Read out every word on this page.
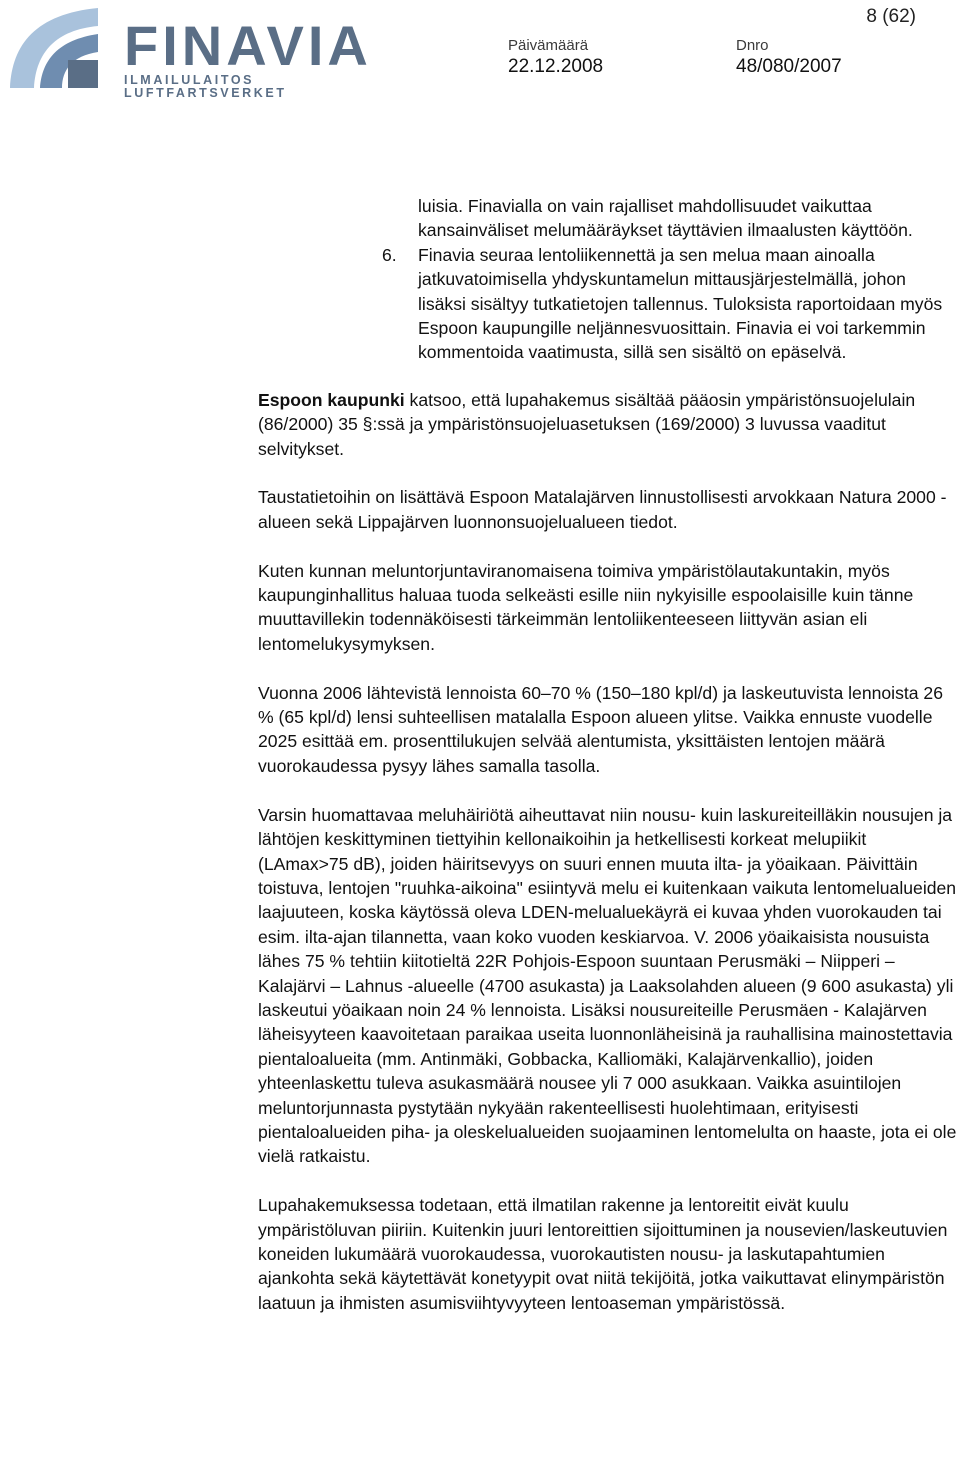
FINAVIA
ILMAILULAITOS LUFTFARTSVERKET
8 (62)
Päivämäärä
22.12.2008
Dnro
48/080/2007
luisia. Finavialla on vain rajalliset mahdollisuudet vaikuttaa kansainväliset melumääräykset täyttävien ilmaalusten käyttöön.
6. Finavia seuraa lentoliikennettä ja sen melua maan ainoalla jatkuvatoimisella yhdyskuntamelun mittausjärjestelmällä, johon lisäksi sisältyy tutkatietojen tallennus. Tuloksista raportoidaan myös Espoon kaupungille neljännesvuosittain. Finavia ei voi tarkemmin kommentoida vaatimusta, sillä sen sisältö on epäselvä.

Espoon kaupunki katsoo, että lupahakemus sisältää pääosin ympäristönsuojelulain (86/2000) 35 §:ssä ja ympäristönsuojeluasetuksen (169/2000) 3 luvussa vaaditut selvitykset.

Taustatietoihin on lisättävä Espoon Matalajärven linnustollisesti arvokkaan Natura 2000 -alueen sekä Lippajärven luonnonsuojelualueen tiedot.

Kuten kunnan meluntorjuntaviranomaisena toimiva ympäristölautakuntakin, myös kaupunginhallitus haluaa tuoda selkeästi esille niin nykyisille espoolaisille kuin tänne muuttavillekin todennäköisesti tärkeimmän lentoliikenteeseen liittyvän asian eli lentomelukysymyksen.

Vuonna 2006 lähtevistä lennoista 60–70 % (150–180 kpl/d) ja laskeutuvista lennoista 26 % (65 kpl/d) lensi suhteellisen matalalla Espoon alueen ylitse. Vaikka ennuste vuodelle 2025 esittää em. prosenttilukujen selvää alentumista, yksittäisten lentojen määrä vuorokaudessa pysyy lähes samalla tasolla.

Varsin huomattavaa meluhäiriötä aiheuttavat niin nousu- kuin laskureiteilläkin nousujen ja lähtöjen keskittyminen tiettyihin kellonaikoihin ja hetkellisesti korkeat melupiikit (LAmax>75 dB), joiden häiritsevyys on suuri ennen muuta ilta- ja yöaikaan. Päivittäin toistuva, lentojen "ruuhka-aikoina" esiintyvä melu ei kuitenkaan vaikuta lentomelualueiden laajuuteen, koska käytössä oleva LDEN-melualuekäyrä ei kuvaa yhden vuorokauden tai esim. ilta-ajan tilannetta, vaan koko vuoden keskiarvoa. V. 2006 yöaikaisista nousuista lähes 75 % tehtiin kiitotieltä 22R Pohjois-Espoon suuntaan Perusmäki – Niipperi – Kalajärvi – Lahnus -alueelle (4700 asukasta) ja Laaksolahden alueen (9 600 asukasta) yli laskeutui yöaikaan noin 24 % lennoista. Lisäksi nousureiteille Perusmäen - Kalajärven läheisyyteen kaavoitetaan paraikaa useita luonnonläheisinä ja rauhallisina mainostettavia pientaloalueita (mm. Antinmäki, Gobbacka, Kalliomäki, Kalajärvenkallio), joiden yhteenlaskettu tuleva asukasmäärä nousee yli 7 000 asukkaan. Vaikka asuintilojen meluntorjunnasta pystytään nykyään rakenteellisesti huolehtimaan, erityisesti pientaloalueiden piha- ja oleskelualueiden suojaaminen lentomelulta on haaste, jota ei ole vielä ratkaistu.

Lupahakemuksessa todetaan, että ilmatilan rakenne ja lentoreitit eivät kuulu ympäristöluvan piiriin. Kuitenkin juuri lentoreittien sijoittuminen ja nousevien/laskeutuvien koneiden lukumäärä vuorokaudessa, vuorokautisten nousu- ja laskutapahtumien ajankohta sekä käytettävät konetyypit ovat niitä tekijöitä, jotka vaikuttavat elinympäristön laatuun ja ihmisten asumisviihtyvyyteen lentoaseman ympäristössä.
